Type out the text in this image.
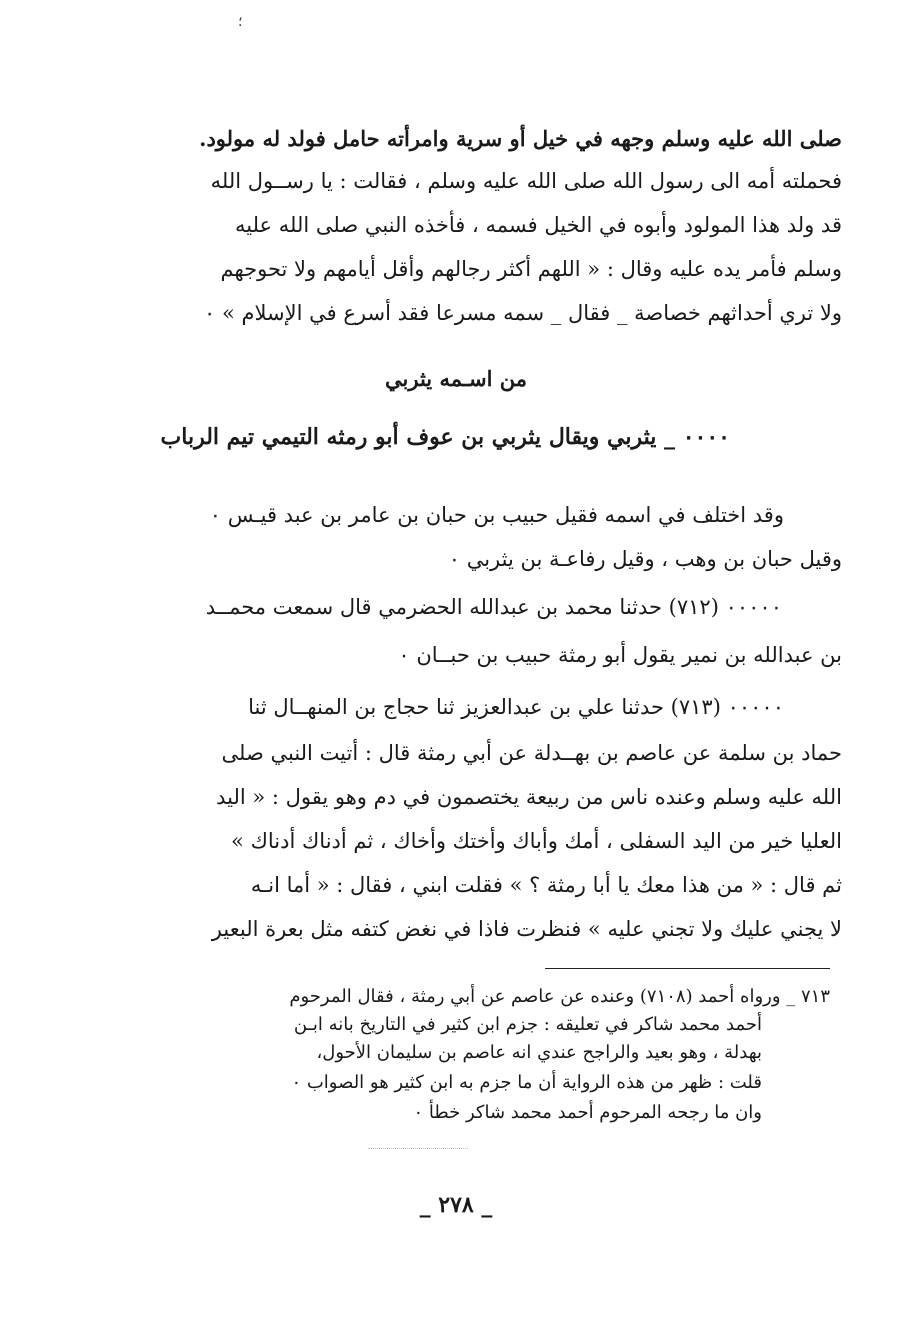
؛
صلى الله عليه وسلم وجهه في خيل أو سرية وامرأته حامل فولد له مولود.
فحملته أمه الى رسول الله صلى الله عليه وسلم ، فقالت : يا رســول الله
قد ولد هذا المولود وأبوه في الخيل فسمه ، فأخذه النبي صلى الله عليه
وسلم فأمر يده عليه وقال : « اللهم أكثر رجالهم وأقل أيامهم ولا تحوجهم
ولا تري أحداثهم خصاصة _ فقال _ سمه مسرعا فقد أسرع في الإسلام » ٠
من اسـمه يثربي
٠٠٠٠ _ يثربي ويقال يثربي بن عوف أبو رمثه التيمي تيم الرباب
وقد اختلف في اسمه فقيل حبيب بن حبان بن عامر بن عبد قيـس ٠
وقيل حبان بن وهب ، وقيل رفاعـة بن يثربي ٠
٠٠٠٠٠ (٧١٢) حدثنا محمد بن عبدالله الحضرمي قال سمعت محمــد
بن عبدالله بن نمير يقول أبو رمثة حبيب بن حبــان ٠
٠٠٠٠٠ (٧١٣) حدثنا علي بن عبدالعزيز ثنا حجاج بن المنهــال ثنا
حماد بن سلمة عن عاصم بن بهــدلة عن أبي رمثة قال : أتيت النبي صلى
الله عليه وسلم وعنده ناس من ربيعة يختصمون في دم وهو يقول : « اليد
العليا خير من اليد السفلى ، أمك وأباك وأختك وأخاك ، ثم أدناك أدناك »
ثم قال : « من هذا معك يا أبا رمثة ؟ » فقلت ابني ، فقال : « أما انـه
لا يجني عليك ولا تجني عليه » فنظرت فاذا في نغض كتفه مثل بعرة البعير
٧١٣ _ ورواه أحمد (٧١٠٨) وعنده عن عاصم عن أبي رمثة ، فقال المرحوم
أحمد محمد شاكر في تعليقه : جزم ابن كثير في التاريخ بانه ابـن
بهدلة ، وهو بعيد والراجح عندي انه عاصم بن سليمان الأحول،
قلت : ظهر من هذه الرواية أن ما جزم به ابن كثير هو الصواب ٠
وان ما رجحه المرحوم أحمد محمد شاكر خطأ ٠
_ ٢٧٨ _
